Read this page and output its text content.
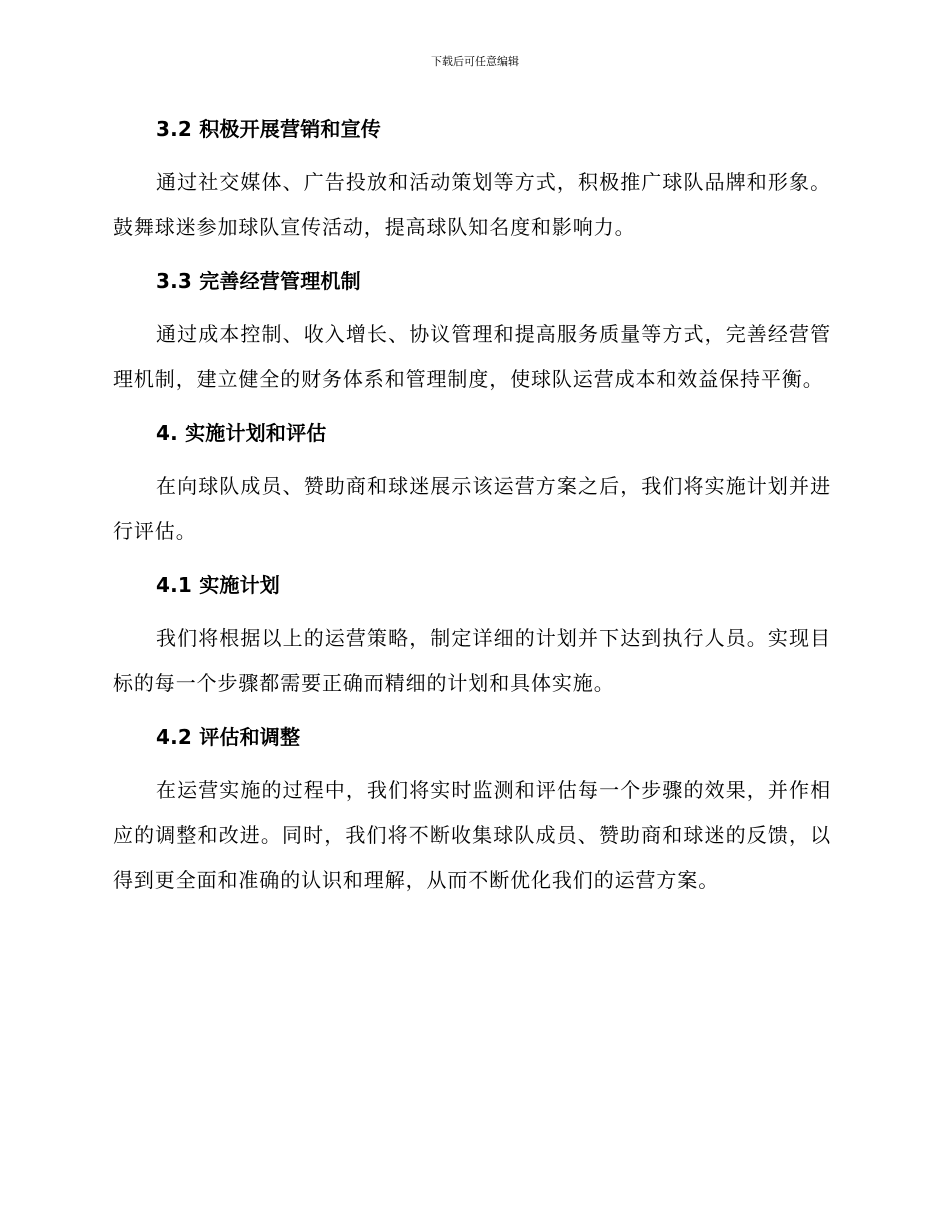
下载后可任意编辑
3.2 积极开展营销和宣传

通过社交媒体、广告投放和活动策划等方式，积极推广球队品牌和形象。鼓舞球迷参加球队宣传活动，提高球队知名度和影响力。

3.3 完善经营管理机制

通过成本控制、收入增长、协议管理和提高服务质量等方式，完善经营管理机制，建立健全的财务体系和管理制度，使球队运营成本和效益保持平衡。

4. 实施计划和评估

在向球队成员、赞助商和球迷展示该运营方案之后，我们将实施计划并进行评估。

4.1 实施计划

我们将根据以上的运营策略，制定详细的计划并下达到执行人员。实现目标的每一个步骤都需要正确而精细的计划和具体实施。

4.2 评估和调整

在运营实施的过程中，我们将实时监测和评估每一个步骤的效果，并作相应的调整和改进。同时，我们将不断收集球队成员、赞助商和球迷的反馈，以得到更全面和准确的认识和理解，从而不断优化我们的运营方案。
